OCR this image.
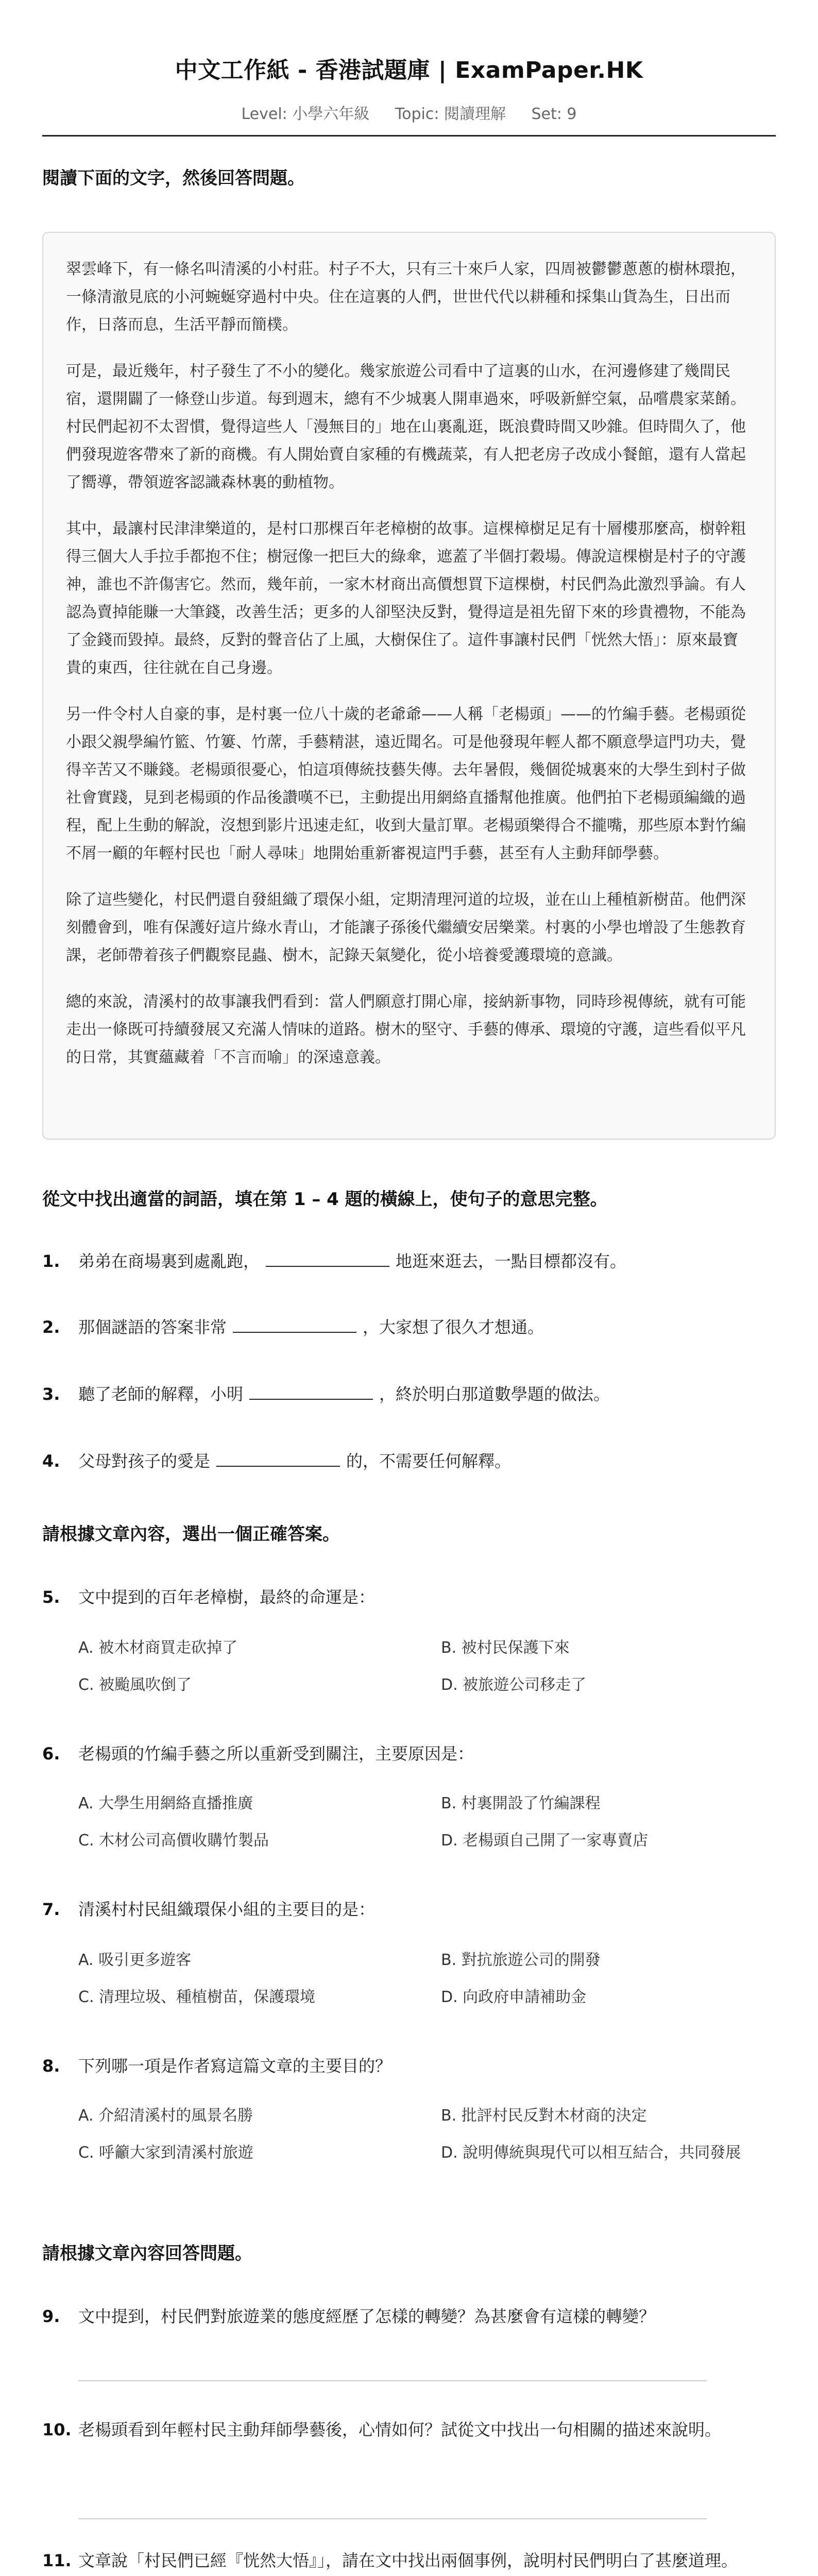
中文工作紙 - 香港試題庫 | ExamPaper.HK
Level: 小學六年級 Topic: 閱讀理解 Set: 9
閱讀下面的文字，然後回答問題。

翠雲峰下，有一條名叫清溪的小村莊。村子不大，只有三十來戶人家，四周被鬱鬱蔥蔥的樹林環抱，一條清澈見底的小河蜿蜒穿過村中央。住在這裏的人們，世世代代以耕種和採集山貨為生，日出而作，日落而息，生活平靜而簡樸。

可是，最近幾年，村子發生了不小的變化。幾家旅遊公司看中了這裏的山水，在河邊修建了幾間民宿，還開闢了一條登山步道。每到週末，總有不少城裏人開車過來，呼吸新鮮空氣，品嚐農家菜餚。村民們起初不太習慣，覺得這些人「漫無目的」地在山裏亂逛，既浪費時間又吵雜。但時間久了，他們發現遊客帶來了新的商機。有人開始賣自家種的有機蔬菜，有人把老房子改成小餐館，還有人當起了嚮導，帶領遊客認識森林裏的動植物。

其中，最讓村民津津樂道的，是村口那棵百年老樟樹的故事。這棵樟樹足足有十層樓那麼高，樹幹粗得三個大人手拉手都抱不住；樹冠像一把巨大的綠傘，遮蓋了半個打穀場。傳說這棵樹是村子的守護神，誰也不許傷害它。然而，幾年前，一家木材商出高價想買下這棵樹，村民們為此激烈爭論。有人認為賣掉能賺一大筆錢，改善生活；更多的人卻堅決反對，覺得這是祖先留下來的珍貴禮物，不能為了金錢而毀掉。最終，反對的聲音佔了上風，大樹保住了。這件事讓村民們「恍然大悟」：原來最寶貴的東西，往往就在自己身邊。

另一件令村人自豪的事，是村裏一位八十歲的老爺爺——人稱「老楊頭」——的竹編手藝。老楊頭從小跟父親學編竹籃、竹簍、竹蓆，手藝精湛，遠近聞名。可是他發現年輕人都不願意學這門功夫，覺得辛苦又不賺錢。老楊頭很憂心，怕這項傳統技藝失傳。去年暑假，幾個從城裏來的大學生到村子做社會實踐，見到老楊頭的作品後讚嘆不已，主動提出用網絡直播幫他推廣。他們拍下老楊頭編織的過程，配上生動的解說，沒想到影片迅速走紅，收到大量訂單。老楊頭樂得合不攏嘴，那些原本對竹編不屑一顧的年輕村民也「耐人尋味」地開始重新審視這門手藝，甚至有人主動拜師學藝。

除了這些變化，村民們還自發組織了環保小組，定期清理河道的垃圾，並在山上種植新樹苗。他們深刻體會到，唯有保護好這片綠水青山，才能讓子孫後代繼續安居樂業。村裏的小學也增設了生態教育課，老師帶着孩子們觀察昆蟲、樹木，記錄天氣變化，從小培養愛護環境的意識。

總的來說，清溪村的故事讓我們看到：當人們願意打開心扉，接納新事物，同時珍視傳統，就有可能走出一條既可持續發展又充滿人情味的道路。樹木的堅守、手藝的傳承、環境的守護，這些看似平凡的日常，其實蘊藏着「不言而喻」的深遠意義。

從文中找出適當的詞語，填在第 1 – 4 題的橫線上，使句子的意思完整。
1. 弟弟在商場裏到處亂跑，	地逛來逛去，一點目標都沒有。
2. 那個謎語的答案非常	，大家想了很久才想通。
3. 聽了老師的解釋，小明	，終於明白那道數學題的做法。
4. 父母對孩子的愛是	的，不需要任何解釋。
請根據文章內容，選出一個正確答案。
5. 文中提到的百年老樟樹，最終的命運是：
A. 被木材商買走砍掉了	B. 被村民保護下來
C. 被颱風吹倒了	D. 被旅遊公司移走了
6. 老楊頭的竹編手藝之所以重新受到關注，主要原因是：
A. 大學生用網絡直播推廣	B. 村裏開設了竹編課程
C. 木材公司高價收購竹製品	D. 老楊頭自己開了一家專賣店
7. 清溪村村民組織環保小組的主要目的是：
A. 吸引更多遊客	B. 對抗旅遊公司的開發
C. 清理垃圾、種植樹苗，保護環境	D. 向政府申請補助金
8. 下列哪一項是作者寫這篇文章的主要目的？
A. 介紹清溪村的風景名勝	B. 批評村民反對木材商的決定
C. 呼籲大家到清溪村旅遊	D. 說明傳統與現代可以相互結合，共同發展
請根據文章內容回答問題。
9. 文中提到，村民們對旅遊業的態度經歷了怎樣的轉變？為甚麼會有這樣的轉變？
10. 老楊頭看到年輕村民主動拜師學藝後，心情如何？試從文中找出一句相關的描述來說明。
11. 文章說「村民們已經『恍然大悟』」，請在文中找出兩個事例，說明村民們明白了甚麼道理。
